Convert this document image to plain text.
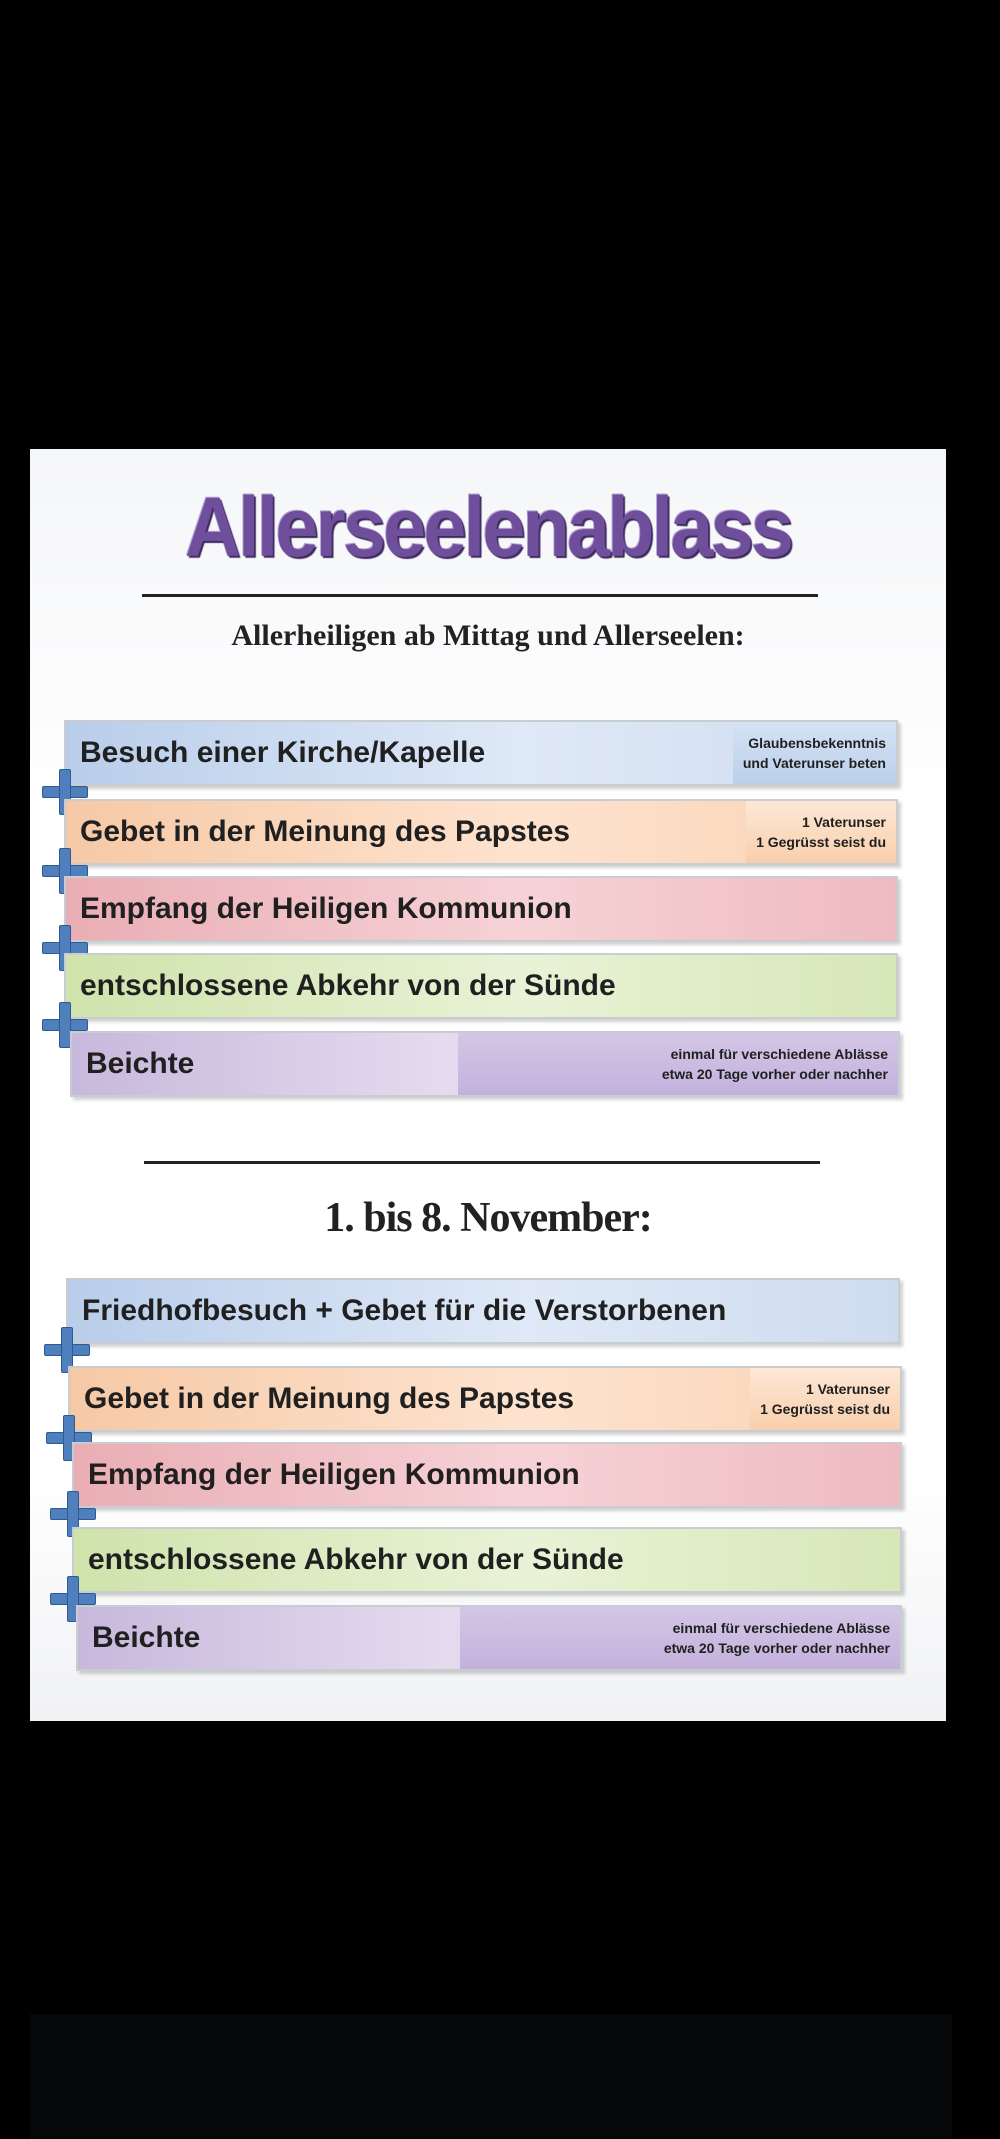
Allerseelenablass
Allerheiligen ab Mittag und Allerseelen:
Besuch einer Kirche/Kapelle	Glaubensbekenntnis
und Vaterunser beten
Gebet in der Meinung des Papstes	1 Vaterunser
1 Gegrüsst seist du
Empfang der Heiligen Kommunion
entschlossene Abkehr von der Sünde
Beichte	einmal für verschiedene Ablässe
etwa 20 Tage vorher oder nachher
1. bis 8. November:
Friedhofbesuch + Gebet für die Verstorbenen
Gebet in der Meinung des Papstes	1 Vaterunser
1 Gegrüsst seist du
Empfang der Heiligen Kommunion
entschlossene Abkehr von der Sünde
Beichte	einmal für verschiedene Ablässe
etwa 20 Tage vorher oder nachher
